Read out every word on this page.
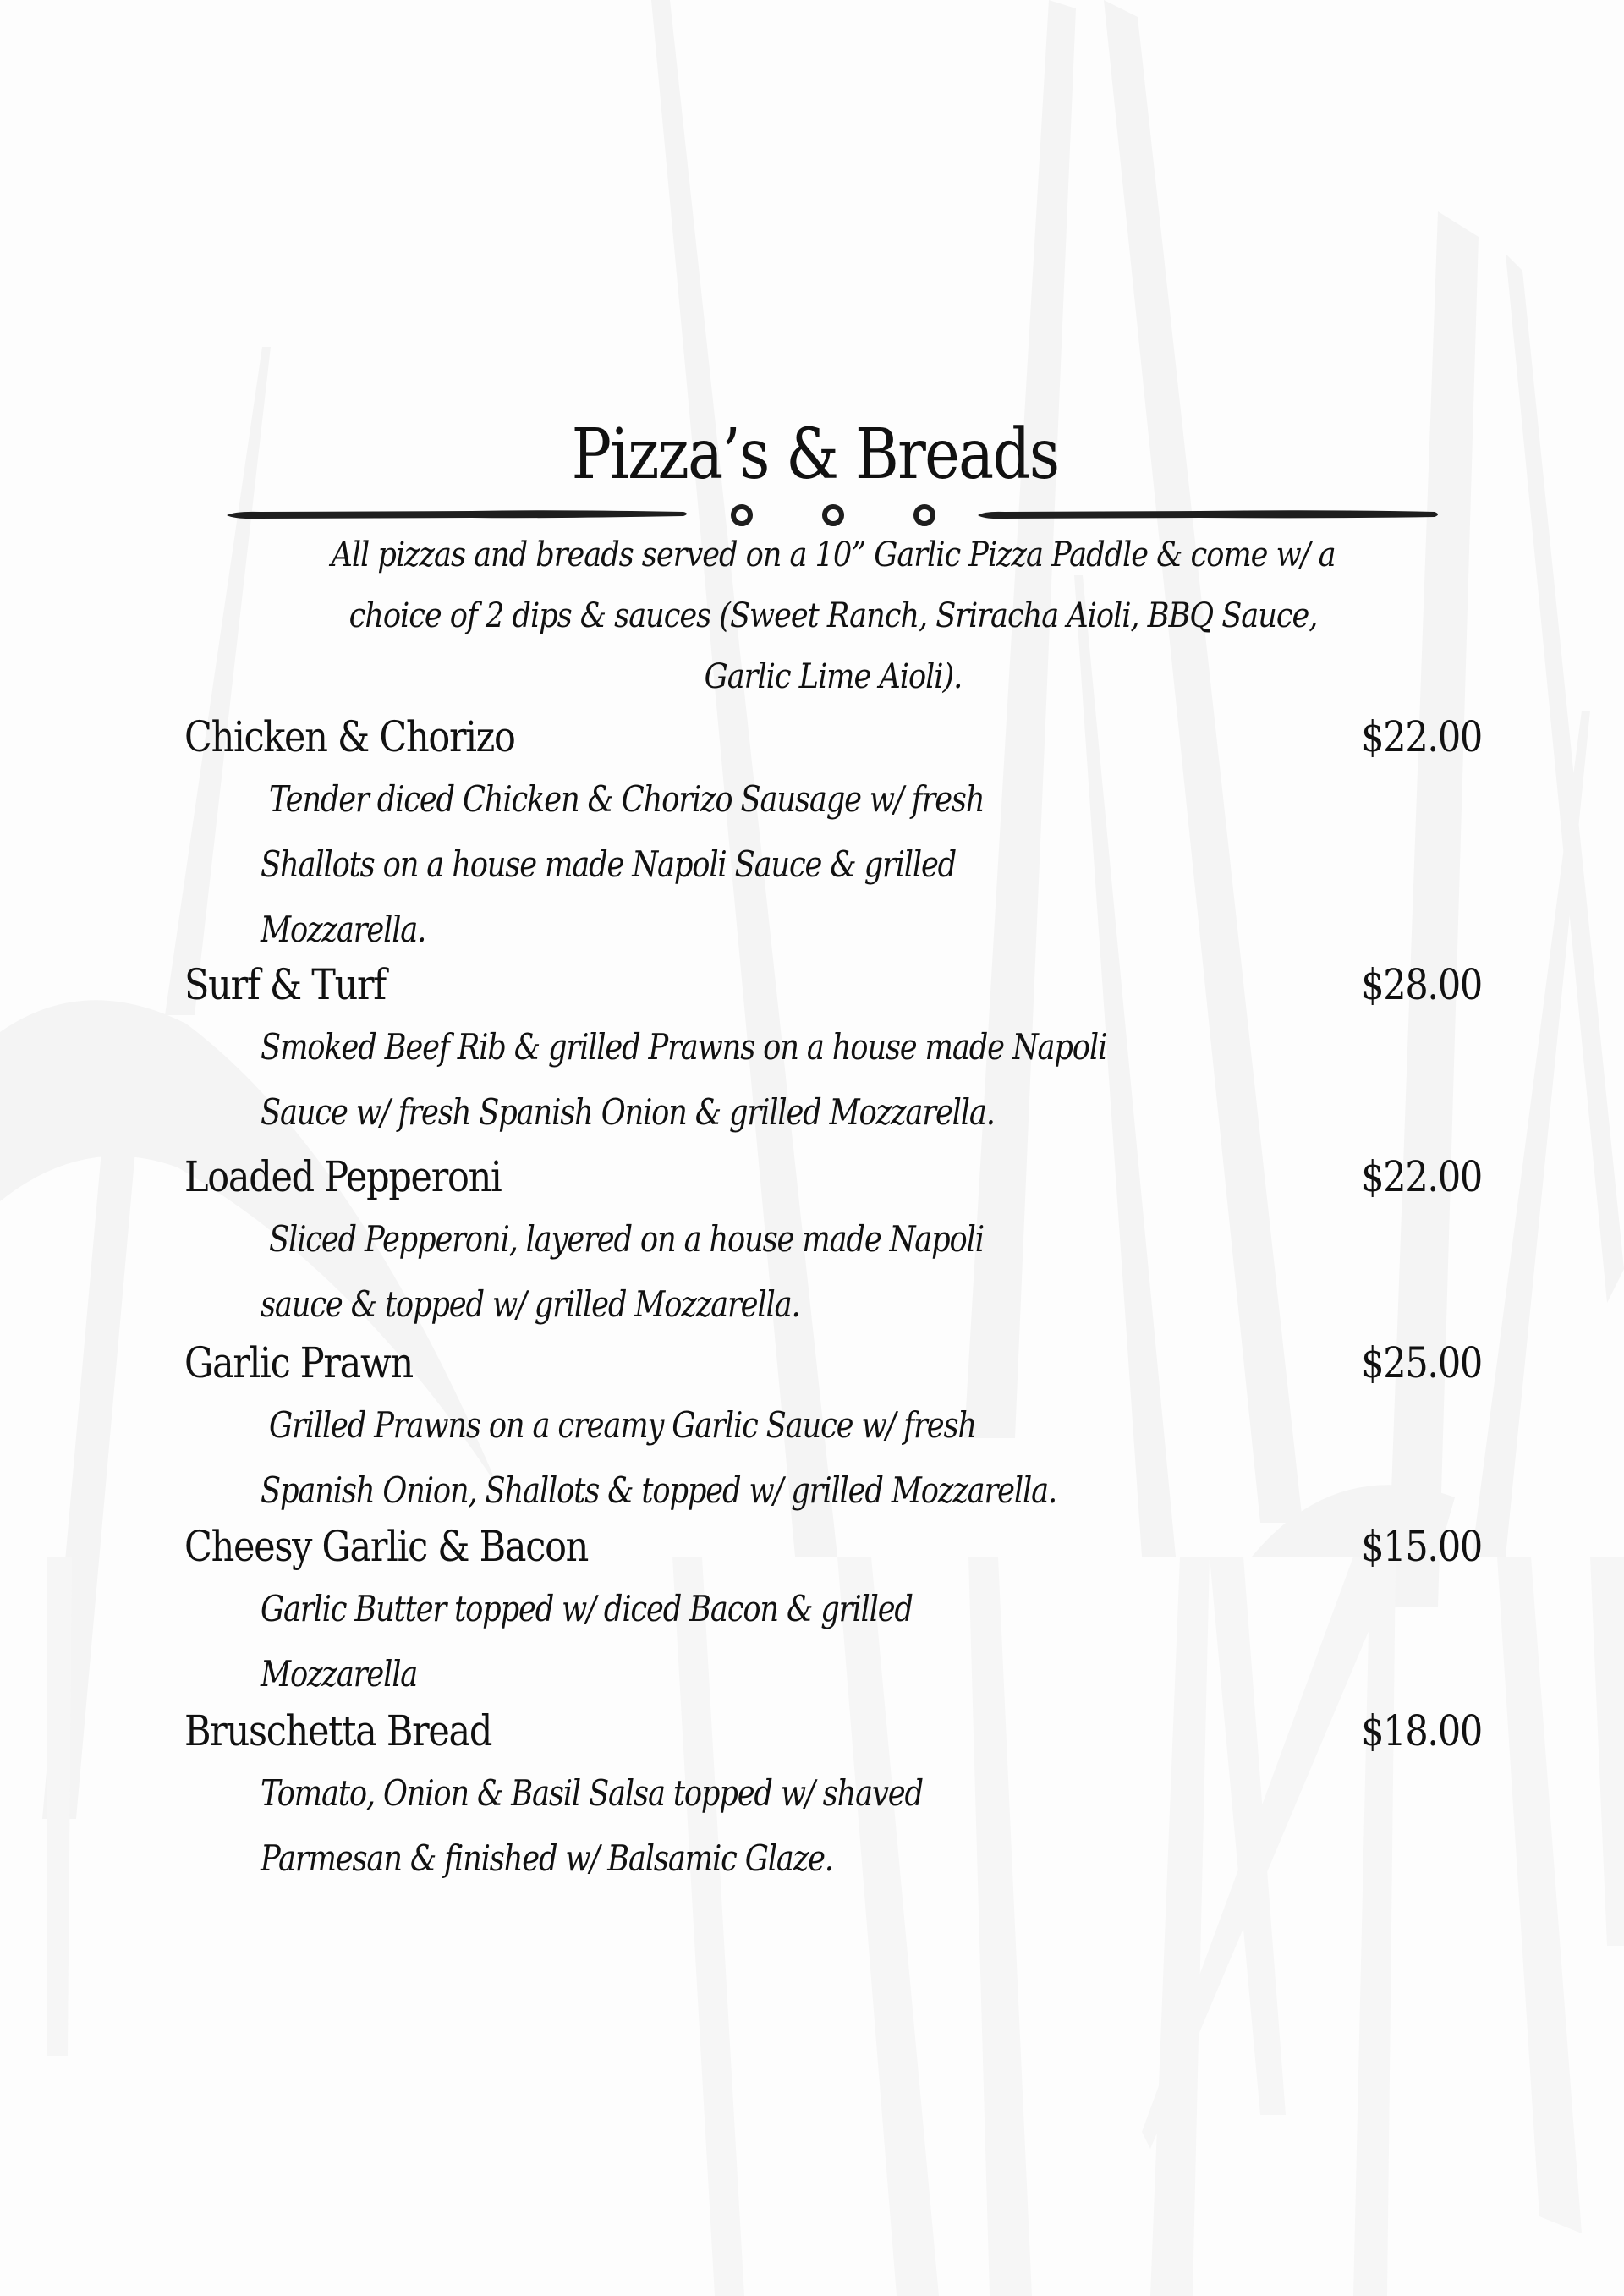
Pizza’s & Breads
All pizzas and breads served on a 10” Garlic Pizza Paddle & come w/ a
choice of 2 dips & sauces (Sweet Ranch, Sriracha Aioli, BBQ Sauce,
Garlic Lime Aioli).
Chicken & Chorizo	$22.00
Tender diced Chicken & Chorizo Sausage w/ fresh
Shallots on a house made Napoli Sauce & grilled
Mozzarella.
Surf & Turf	$28.00
Smoked Beef Rib & grilled Prawns on a house made Napoli
Sauce w/ fresh Spanish Onion & grilled Mozzarella.
Loaded Pepperoni	$22.00
Sliced Pepperoni, layered on a house made Napoli
sauce & topped w/ grilled Mozzarella.
Garlic Prawn	$25.00
Grilled Prawns on a creamy Garlic Sauce w/ fresh
Spanish Onion, Shallots & topped w/ grilled Mozzarella.
Cheesy Garlic & Bacon	$15.00
Garlic Butter topped w/ diced Bacon & grilled
Mozzarella
Bruschetta Bread	$18.00
Tomato, Onion & Basil Salsa topped w/ shaved
Parmesan & finished w/ Balsamic Glaze.
